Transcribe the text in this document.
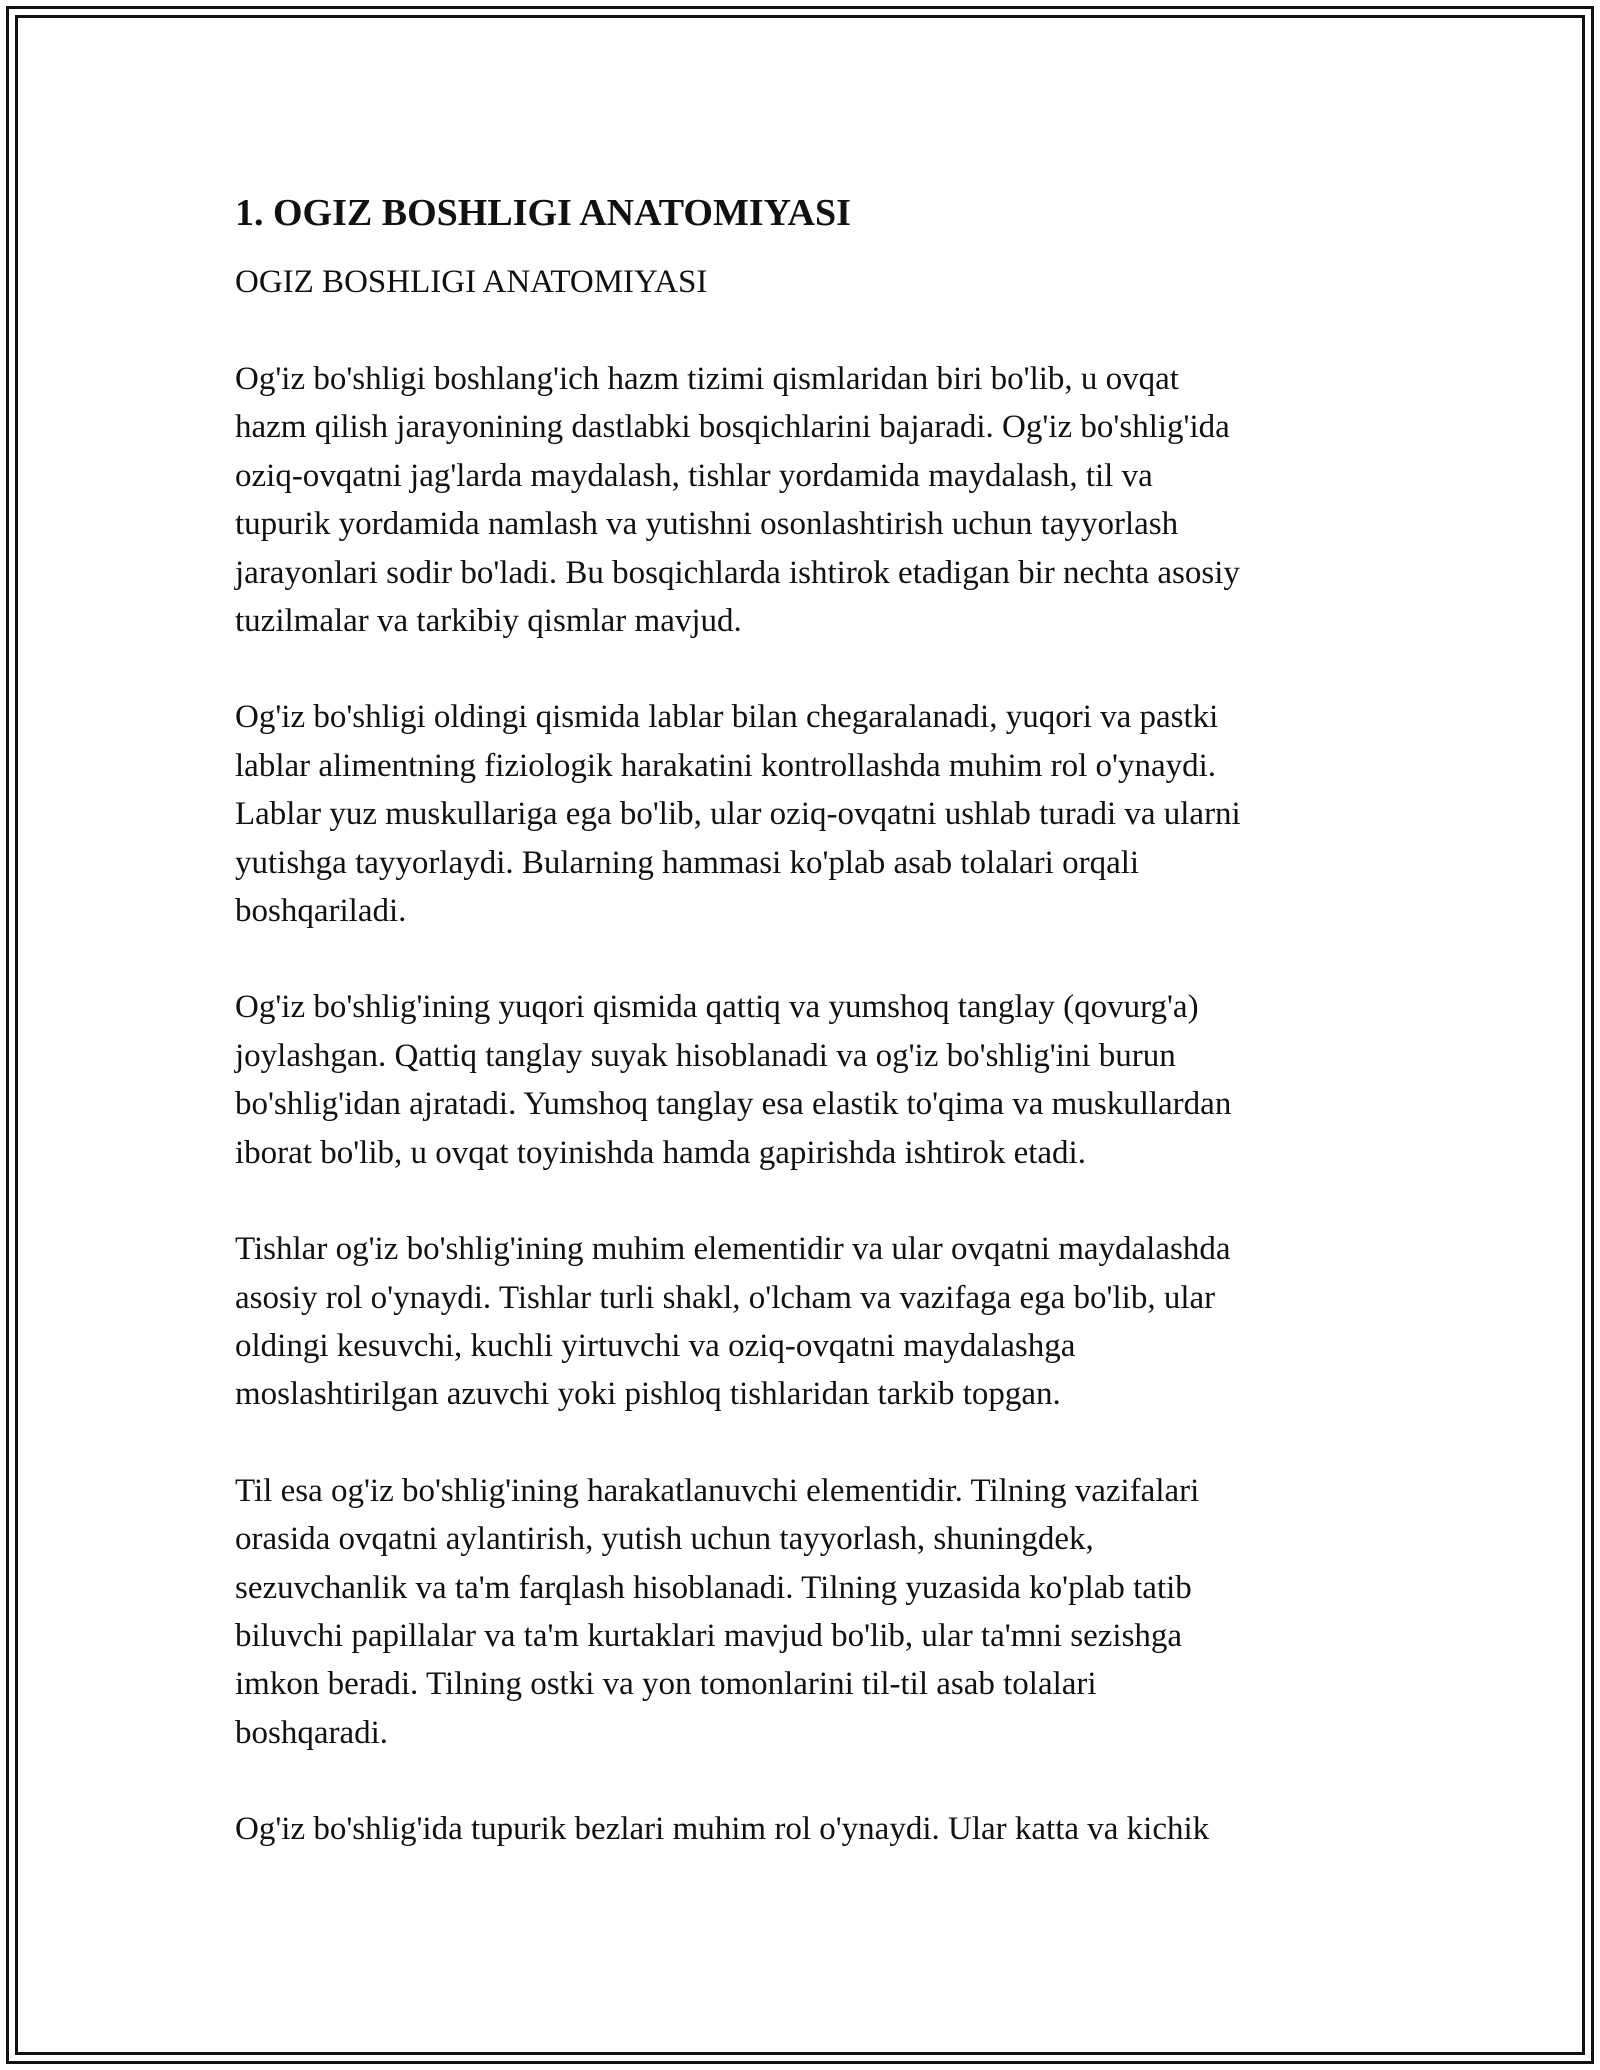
1. OGIZ BOSHLIGI ANATOMIYASI
OGIZ BOSHLIGI ANATOMIYASI
Og'iz bo'shligi boshlang'ich hazm tizimi qismlaridan biri bo'lib, u ovqat
hazm qilish jarayonining dastlabki bosqichlarini bajaradi. Og'iz bo'shlig'ida
oziq-ovqatni jag'larda maydalash, tishlar yordamida maydalash, til va
tupurik yordamida namlash va yutishni osonlashtirish uchun tayyorlash
jarayonlari sodir bo'ladi. Bu bosqichlarda ishtirok etadigan bir nechta asosiy
tuzilmalar va tarkibiy qismlar mavjud.
Og'iz bo'shligi oldingi qismida lablar bilan chegaralanadi, yuqori va pastki
lablar alimentning fiziologik harakatini kontrollashda muhim rol o'ynaydi.
Lablar yuz muskullariga ega bo'lib, ular oziq-ovqatni ushlab turadi va ularni
yutishga tayyorlaydi. Bularning hammasi ko'plab asab tolalari orqali
boshqariladi.
Og'iz bo'shlig'ining yuqori qismida qattiq va yumshoq tanglay (qovurg'a)
joylashgan. Qattiq tanglay suyak hisoblanadi va og'iz bo'shlig'ini burun
bo'shlig'idan ajratadi. Yumshoq tanglay esa elastik to'qima va muskullardan
iborat bo'lib, u ovqat toyinishda hamda gapirishda ishtirok etadi.
Tishlar og'iz bo'shlig'ining muhim elementidir va ular ovqatni maydalashda
asosiy rol o'ynaydi. Tishlar turli shakl, o'lcham va vazifaga ega bo'lib, ular
oldingi kesuvchi, kuchli yirtuvchi va oziq-ovqatni maydalashga
moslashtirilgan azuvchi yoki pishloq tishlaridan tarkib topgan.
Til esa og'iz bo'shlig'ining harakatlanuvchi elementidir. Tilning vazifalari
orasida ovqatni aylantirish, yutish uchun tayyorlash, shuningdek,
sezuvchanlik va ta'm farqlash hisoblanadi. Tilning yuzasida ko'plab tatib
biluvchi papillalar va ta'm kurtaklari mavjud bo'lib, ular ta'mni sezishga
imkon beradi. Tilning ostki va yon tomonlarini til-til asab tolalari
boshqaradi.
Og'iz bo'shlig'ida tupurik bezlari muhim rol o'ynaydi. Ular katta va kichik
